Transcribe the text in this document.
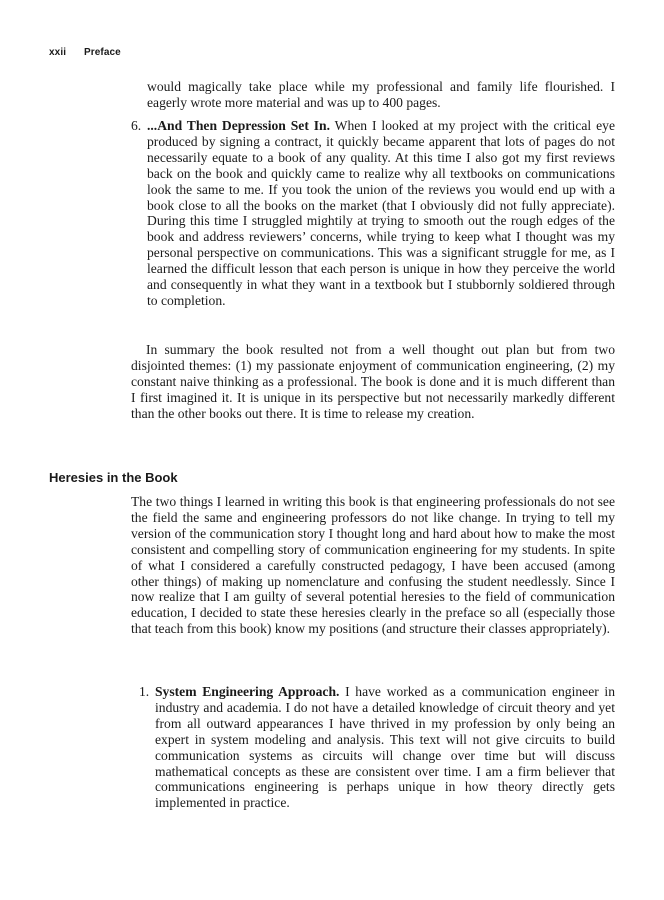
xxii Preface

would magically take place while my professional and family life flourished. I eagerly wrote more material and was up to 400 pages.

6. ...And Then Depression Set In. When I looked at my project with the critical eye produced by signing a contract, it quickly became apparent that lots of pages do not necessarily equate to a book of any quality. At this time I also got my first reviews back on the book and quickly came to realize why all textbooks on communications look the same to me. If you took the union of the reviews you would end up with a book close to all the books on the market (that I obviously did not fully appreciate). During this time I struggled mightily at trying to smooth out the rough edges of the book and address reviewers’ concerns, while trying to keep what I thought was my personal perspective on communications. This was a significant struggle for me, as I learned the difficult lesson that each person is unique in how they perceive the world and consequently in what they want in a textbook but I stubbornly soldiered through to completion.

In summary the book resulted not from a well thought out plan but from two disjointed themes: (1) my passionate enjoyment of communication engineering, (2) my constant naive thinking as a professional. The book is done and it is much different than I first imagined it. It is unique in its perspective but not necessarily markedly different than the other books out there. It is time to release my creation.

Heresies in the Book

The two things I learned in writing this book is that engineering professionals do not see the field the same and engineering professors do not like change. In trying to tell my version of the communication story I thought long and hard about how to make the most consistent and compelling story of communication engineering for my students. In spite of what I considered a carefully constructed pedagogy, I have been accused (among other things) of making up nomenclature and confusing the student needlessly. Since I now realize that I am guilty of several potential heresies to the field of communication education, I decided to state these heresies clearly in the preface so all (especially those that teach from this book) know my positions (and structure their classes appropriately).

1. System Engineering Approach. I have worked as a communication engineer in industry and academia. I do not have a detailed knowledge of circuit theory and yet from all outward appearances I have thrived in my profession by only being an expert in system modeling and analysis. This text will not give circuits to build communication systems as circuits will change over time but will discuss mathematical concepts as these are consistent over time. I am a firm believer that communications engineering is perhaps unique in how theory directly gets implemented in practice.
